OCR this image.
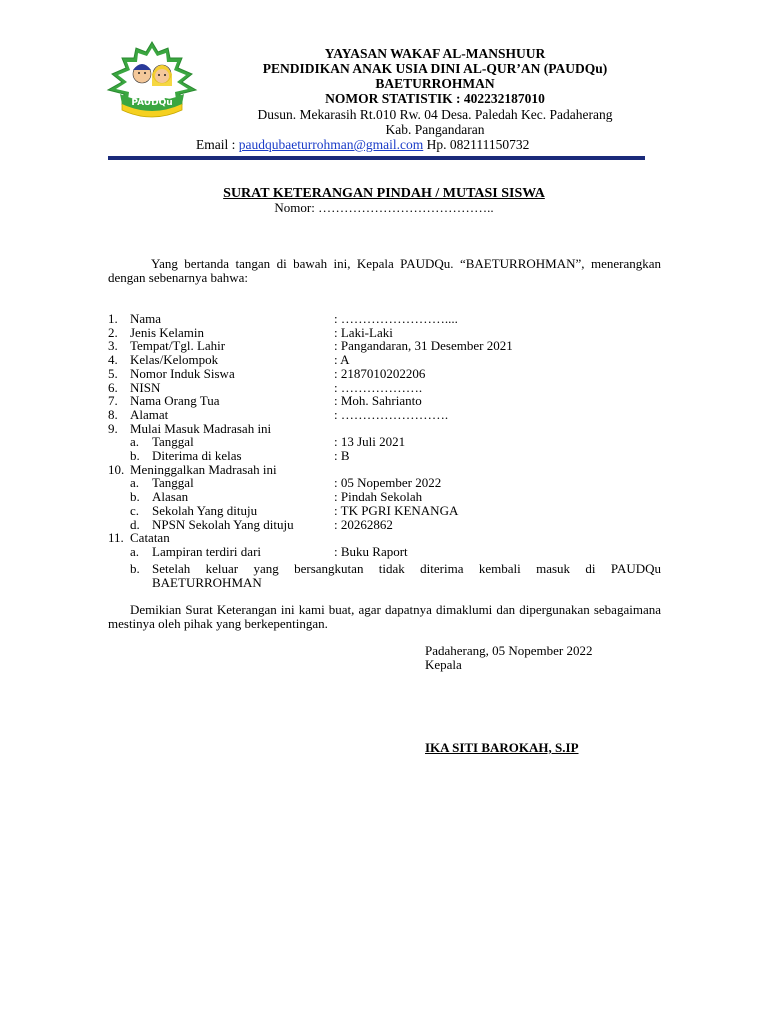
PAUDQu
YAYASAN WAKAF AL-MANSHUUR
PENDIDIKAN ANAK USIA DINI AL-QUR’AN (PAUDQu)
BAETURROHMAN
NOMOR STATISTIK : 402232187010
Dusun. Mekarasih Rt.010 Rw. 04 Desa. Paledah Kec. Padaherang
Kab. Pangandaran
Email : paudqubaeturrohman@gmail.com Hp. 082111150732
SURAT KETERANGAN PINDAH / MUTASI SISWA
Nomor: …………………………………..
Yang bertanda tangan di bawah ini, Kepala PAUDQu. “BAETURROHMAN”, menerangkan dengan sebenarnya bahwa:
1. Nama	: ……………………....
2. Jenis Kelamin	: Laki-Laki
3. Tempat/Tgl. Lahir	: Pangandaran, 31 Desember 2021
4. Kelas/Kelompok	: A
5. Nomor Induk Siswa	: 2187010202206
6. NISN	: ……………….
7. Nama Orang Tua	: Moh. Sahrianto
8. Alamat	: …………………….
9. Mulai Masuk Madrasah ini
a. Tanggal	: 13 Juli 2021
b. Diterima di kelas	: B
10. Meninggalkan Madrasah ini
a. Tanggal	: 05 Nopember 2022
b. Alasan	: Pindah Sekolah
c. Sekolah Yang dituju	: TK PGRI KENANGA
d. NPSN Sekolah Yang dituju	: 20262862
11. Catatan
a. Lampiran terdiri dari	: Buku Raport
b. Setelah keluar yang bersangkutan tidak diterima kembali masuk di PAUDQu BAETURROHMAN
Demikian Surat Keterangan ini kami buat, agar dapatnya dimaklumi dan dipergunakan sebagaimana mestinya oleh pihak yang berkepentingan.
Padaherang, 05 Nopember 2022
Kepala
IKA SITI BAROKAH, S.IP
